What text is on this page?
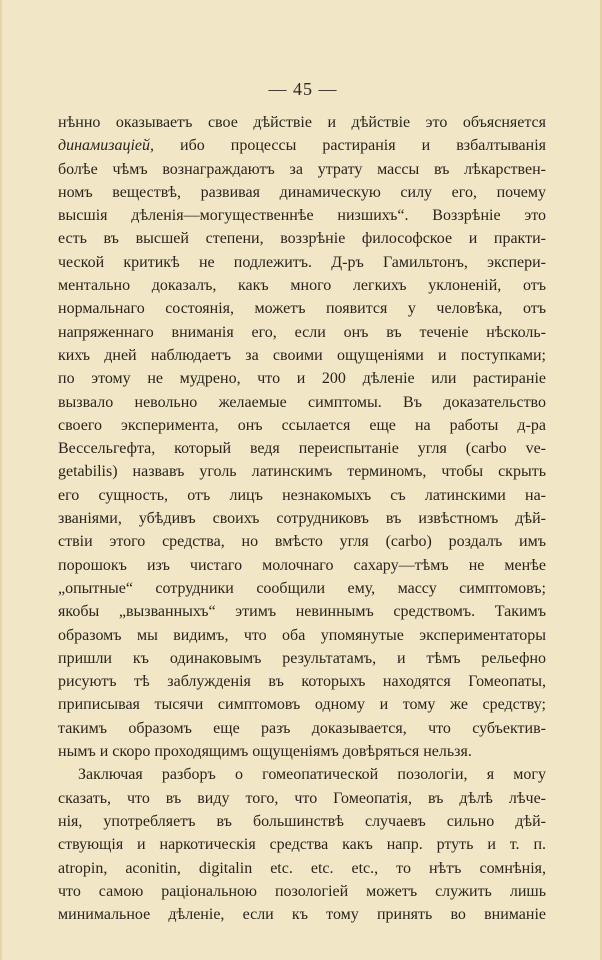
— 45 —
нѣнно оказываетъ свое дѣйствіе и дѣйствіе это объясняется
динамизаціей, ибо процессы растиранія и взбалтыванія
болѣе чѣмъ вознаграждаютъ за утрату массы въ лѣкарствен-
номъ веществѣ, развивая динамическую силу его, почему
высшія дѣленія—могущественнѣе низшихъ“. Воззрѣніе это
есть въ высшей степени, воззрѣніе философское и практи-
ческой критикѣ не подлежитъ. Д-ръ Гамильтонъ, экспери-
ментально доказалъ, какъ много легкихъ уклоненій, отъ
нормальнаго состоянія, можетъ появится у человѣка, отъ
напряженнаго вниманія его, если онъ въ теченіе нѣсколь-
кихъ дней наблюдаетъ за своими ощущеніями и поступками;
по этому не мудрено, что и 200 дѣленіе или растираніе
вызвало невольно желаемые симптомы. Въ доказательство
своего эксперимента, онъ ссылается еще на работы д-ра
Вессельгефта, который ведя переиспытаніе угля (carbo ve-
getabilis) назвавъ уголь латинскимъ терминомъ, чтобы скрыть
его сущность, отъ лицъ незнакомыхъ съ латинскими на-
званіями, убѣдивъ своихъ сотрудниковъ въ извѣстномъ дѣй-
ствіи этого средства, но вмѣсто угля (carbo) роздалъ имъ
порошокъ изъ чистаго молочнаго сахару—тѣмъ не менѣе
„опытные“ сотрудники сообщили ему, массу симптомовъ;
якобы „вызванныхъ“ этимъ невиннымъ средствомъ. Такимъ
образомъ мы видимъ, что оба упомянутые экспериментаторы
пришли къ одинаковымъ результатамъ, и тѣмъ рельефно
рисуютъ тѣ заблужденія въ которыхъ находятся Гомеопаты,
приписывая тысячи симптомовъ одному и тому же средству;
такимъ образомъ еще разъ доказывается, что субъектив-
нымъ и скоро проходящимъ ощущеніямъ довѣряться нельзя.
Заключая разборъ о гомеопатической позологіи, я могу
сказать, что въ виду того, что Гомеопатія, въ дѣлѣ лѣче-
нія, употребляетъ въ большинствѣ случаевъ сильно дѣй-
ствующія и наркотическія средства какъ напр. ртуть и т. п.
atropin, aconitin, digitalin etc. etc. etc., то нѣтъ сомнѣнія,
что самою раціональною позологіей можетъ служить лишь
минимальное дѣленіе, если къ тому принять во вниманіе
